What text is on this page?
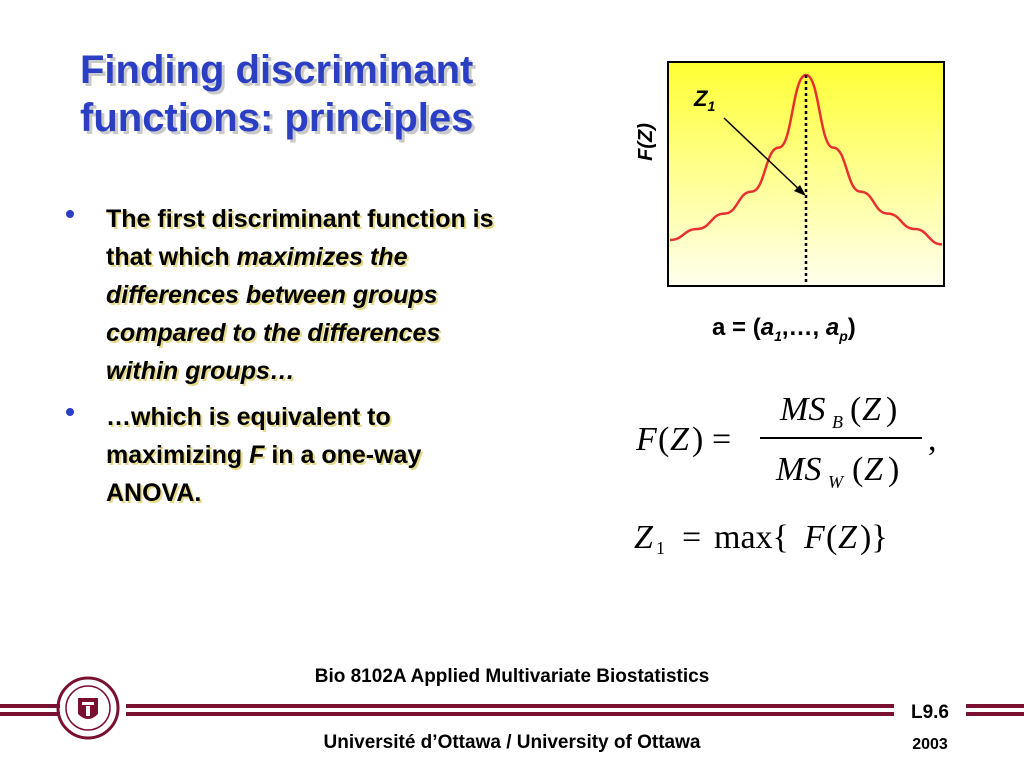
Finding discriminant
functions: principles
The first discriminant function is that which maximizes the differences between groups compared to the differences within groups…
…which is equivalent to maximizing F in a one-way ANOVA.
F(Z)
$Z_1$
$a = (a_1,\dots$, $a_p$)
F ( Z ) =
MS B ( Z )
MS W ( Z )
,
Z 1 = max{ F ( Z )}
Bio 8102A Applied Multivariate Biostatistics
L9.6
Université d’Ottawa / University of Ottawa	2003
